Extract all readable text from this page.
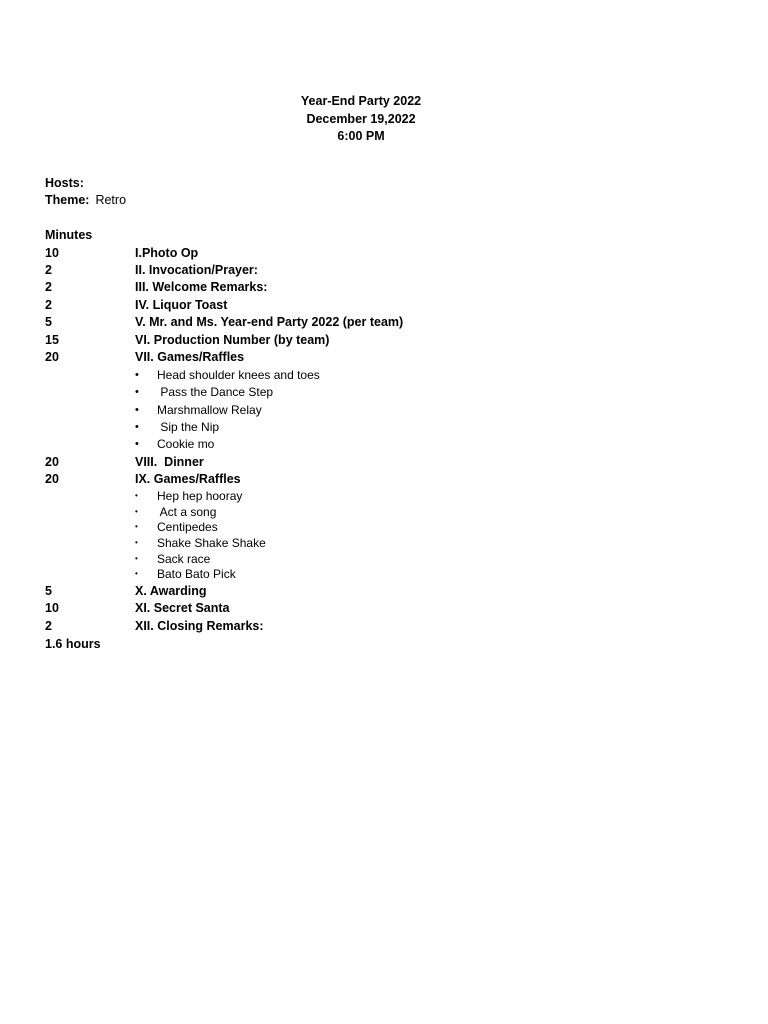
Year-End Party 2022
December 19,2022
6:00 PM
Hosts:
Theme: Retro
Minutes
10	I.Photo Op
2	II. Invocation/Prayer:
2	III. Welcome Remarks:
2	IV. Liquor Toast
5	V. Mr. and Ms. Year-end Party 2022 (per team)
15	VI. Production Number (by team)
20	VII. Games/Raffles
• Head shoulder knees and toes
• Pass the Dance Step
• Marshmallow Relay
• Sip the Nip
• Cookie mo
20	VIII.  Dinner
20	IX. Games/Raffles
• Hep hep hooray
• Act a song
• Centipedes
• Shake Shake Shake
• Sack race
• Bato Bato Pick
5	X. Awarding
10	XI. Secret Santa
2	XII. Closing Remarks:
1.6 hours
